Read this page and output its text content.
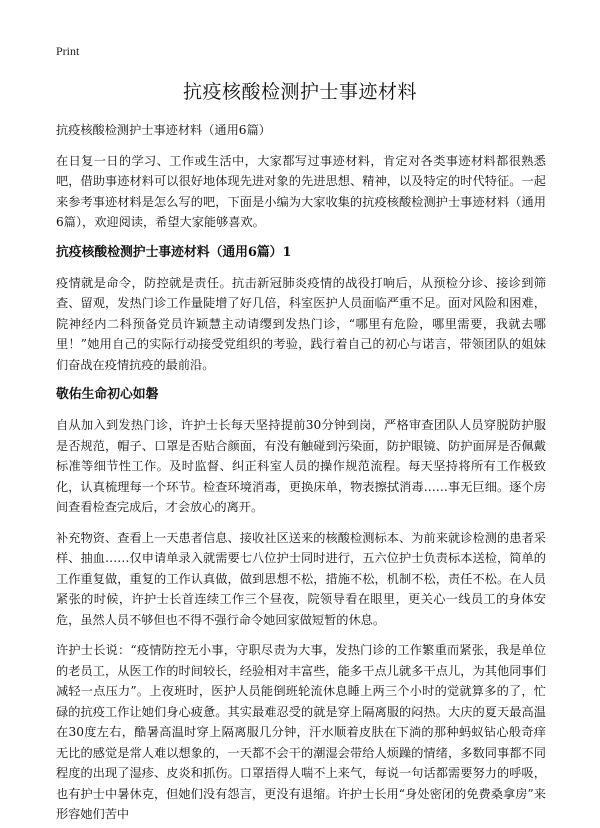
Print
抗疫核酸检测护士事迹材料

抗疫核酸检测护士事迹材料（通用6篇）

在日复一日的学习、工作或生活中，大家都写过事迹材料，肯定对各类事迹材料都很熟悉吧，借助事迹材料可以很好地体现先进对象的先进思想、精神，以及特定的时代特征。一起来参考事迹材料是怎么写的吧，下面是小编为大家收集的抗疫核酸检测护士事迹材料（通用6篇），欢迎阅读，希望大家能够喜欢。

抗疫核酸检测护士事迹材料（通用6篇）1

疫情就是命令，防控就是责任。抗击新冠肺炎疫情的战役打响后，从预检分诊、接诊到筛查、留观，发热门诊工作量陡增了好几倍，科室医护人员面临严重不足。面对风险和困难，院神经内二科预备党员许颖慧主动请缨到发热门诊，“哪里有危险，哪里需要，我就去哪里！”她用自己的实际行动接受党组织的考验，践行着自己的初心与诺言，带领团队的姐妹们奋战在疫情抗疫的最前沿。

敬佑生命初心如磐

自从加入到发热门诊，许护士长每天坚持提前30分钟到岗，严格审查团队人员穿脱防护服是否规范，帽子、口罩是否贴合颜面，有没有触碰到污染面，防护眼镜、防护面屏是否佩戴标准等细节性工作。及时监督、纠正科室人员的操作规范流程。每天坚持将所有工作极致化，认真梳理每一个环节。检查环境消毒，更换床单，物表擦拭消毒……事无巨细。逐个房间查看检查完成后，才会放心的离开。

补充物资、查看上一天患者信息、接收社区送来的核酸检测标本、为前来就诊检测的患者采样、抽血……仅申请单录入就需要七八位护士同时进行，五六位护士负责标本送检，简单的工作重复做，重复的工作认真做，做到思想不松，措施不松，机制不松，责任不松。在人员紧张的时候，许护士长首连续工作三个昼夜，院领导看在眼里，更关心一线员工的身体安危，虽然人员不够但也不得不强行命令她回家做短暂的休息。

许护士长说：“疫情防控无小事，守职尽责为大事，发热门诊的工作繁重而紧张，我是单位的老员工，从医工作的时间较长，经验相对丰富些，能多干点儿就多干点儿，为其他同事们减轻一点压力”。上夜班时，医护人员能倒班轮流休息睡上两三个小时的觉就算多的了，忙碌的抗疫工作让她们身心疲惫。其实最难忍受的就是穿上隔离服的闷热。大庆的夏天最高温在30度左右，酷暑高温时穿上隔离服几分钟，汗水顺着皮肤在下淌的那种蚂蚁钻心般奇痒无比的感觉是常人难以想象的，一天都不会干的潮湿会带给人烦躁的情绪，多数同事都不同程度的出现了湿疹、皮炎和抓伤。口罩捂得人喘不上来气，每说一句话都需要努力的呼吸，也有护士中暑休克，但她们没有怨言，更没有退缩。许护士长用“身处密闭的免费桑拿房”来形容她们苦中
